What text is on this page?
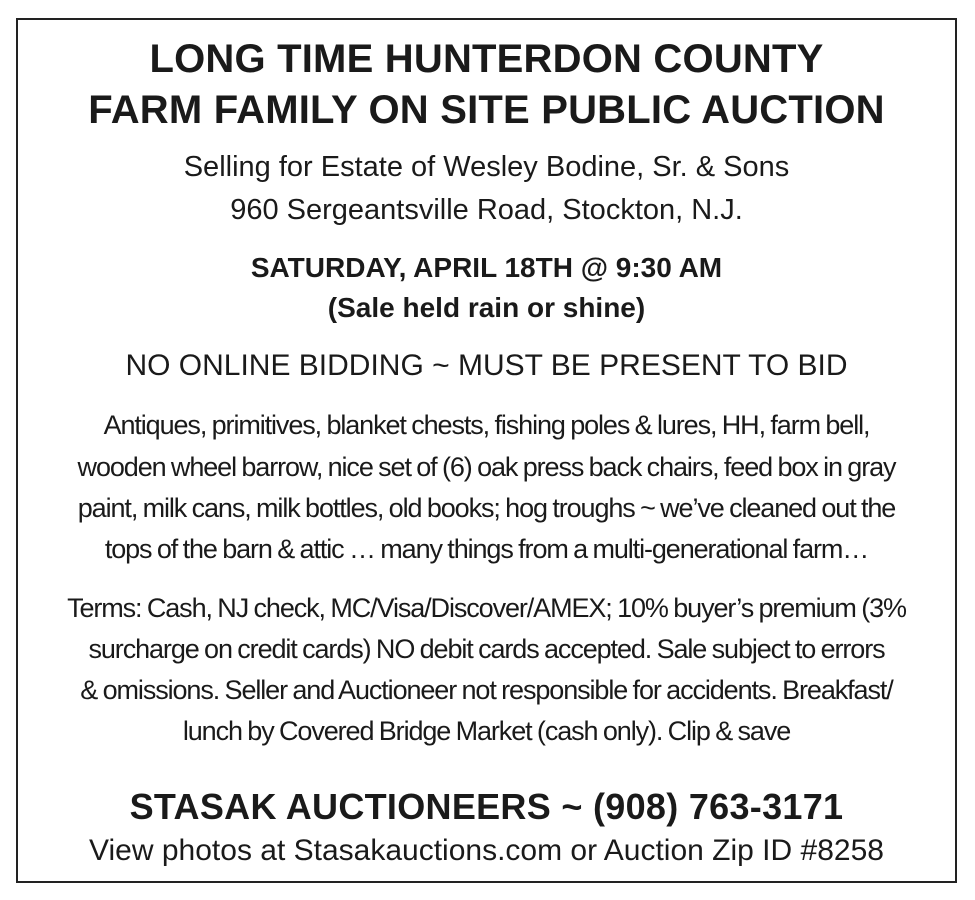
LONG TIME HUNTERDON COUNTY
FARM FAMILY ON SITE PUBLIC AUCTION
Selling for Estate of Wesley Bodine, Sr. & Sons
960 Sergeantsville Road, Stockton, N.J.
SATURDAY, APRIL 18TH @ 9:30 AM
(Sale held rain or shine)
NO ONLINE BIDDING ~ MUST BE PRESENT TO BID
Antiques, primitives, blanket chests, fishing poles & lures, HH, farm bell,
wooden wheel barrow, nice set of (6) oak press back chairs, feed box in gray
paint, milk cans, milk bottles, old books; hog troughs ~ we’ve cleaned out the
tops of the barn & attic … many things from a multi-generational farm…
Terms: Cash, NJ check, MC/Visa/Discover/AMEX; 10% buyer’s premium (3%
surcharge on credit cards) NO debit cards accepted. Sale subject to errors
& omissions. Seller and Auctioneer not responsible for accidents. Breakfast/
lunch by Covered Bridge Market (cash only). Clip & save
STASAK AUCTIONEERS ~ (908) 763-3171
View photos at Stasakauctions.com or Auction Zip ID #8258
